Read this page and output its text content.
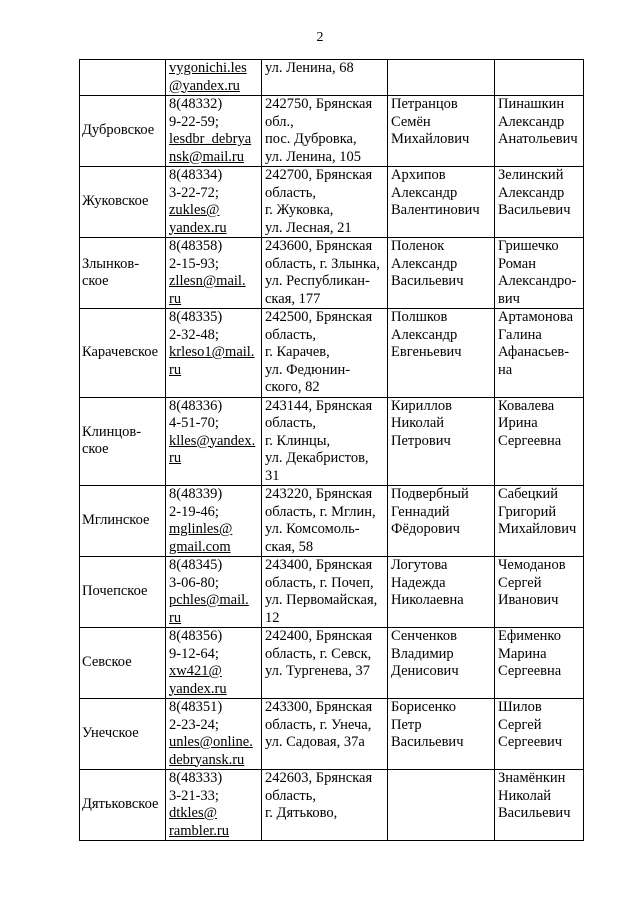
2

	vygonichi.les
@yandex.ru	ул. Ленина, 68		

Дубровское	8(48332)
9-22-59;
lesdbr_debrya
nsk@mail.ru	242750, Брянская
обл.,
пос. Дубровка,
ул. Ленина, 105	Петранцов
Семён
Михайлович	Пинашкин
Александр
Анатольевич

Жуковское	8(48334)
3-22-72;
zukles@
yandex.ru	242700, Брянская
область,
г. Жуковка,
ул. Лесная, 21	Архипов
Александр
Валентинович	Зелинский
Александр
Васильевич

Злынков-
ское	8(48358)
2-15-93;
zllesn@mail.
ru	243600, Брянская
область, г. Злынка,
ул. Республикан-
ская, 177	Поленок
Александр
Васильевич	Гришечко
Роман
Александро-
вич

Карачевское	8(48335)
2-32-48;
krleso1@mail.
ru	242500, Брянская
область,
г. Карачев,
ул. Федюнин-
ского, 82	Полшков
Александр
Евгеньевич	Артамонова
Галина
Афанасьев-
на

Клинцов-
ское	8(48336)
4-51-70;
klles@yandex.
ru	243144, Брянская
область,
г. Клинцы,
ул. Декабристов,
31	Кириллов
Николай
Петрович	Ковалева
Ирина
Сергеевна

Мглинское	8(48339)
2-19-46;
mglinles@
gmail.com	243220, Брянская
область, г. Мглин,
ул. Комсомоль-
ская, 58	Подвербный
Геннадий
Фёдорович	Сабецкий
Григорий
Михайлович

Почепское	8(48345)
3-06-80;
pchles@mail.
ru	243400, Брянская
область, г. Почеп,
ул. Первомайская,
12	Логутова
Надежда
Николаевна	Чемоданов
Сергей
Иванович

Севское	8(48356)
9-12-64;
xw421@
yandex.ru	242400, Брянская
область, г. Севск,
ул. Тургенева, 37	Сенченков
Владимир
Денисович	Ефименко
Марина
Сергеевна

Унечское	8(48351)
2-23-24;
unles@online.
debryansk.ru	243300, Брянская
область, г. Унеча,
ул. Садовая, 37а	Борисенко
Петр
Васильевич	Шилов
Сергей
Сергеевич

Дятьковское	8(48333)
3-21-33;
dtkles@
rambler.ru	242603, Брянская
область,
г. Дятьково,		Знамёнкин
Николай
Васильевич
